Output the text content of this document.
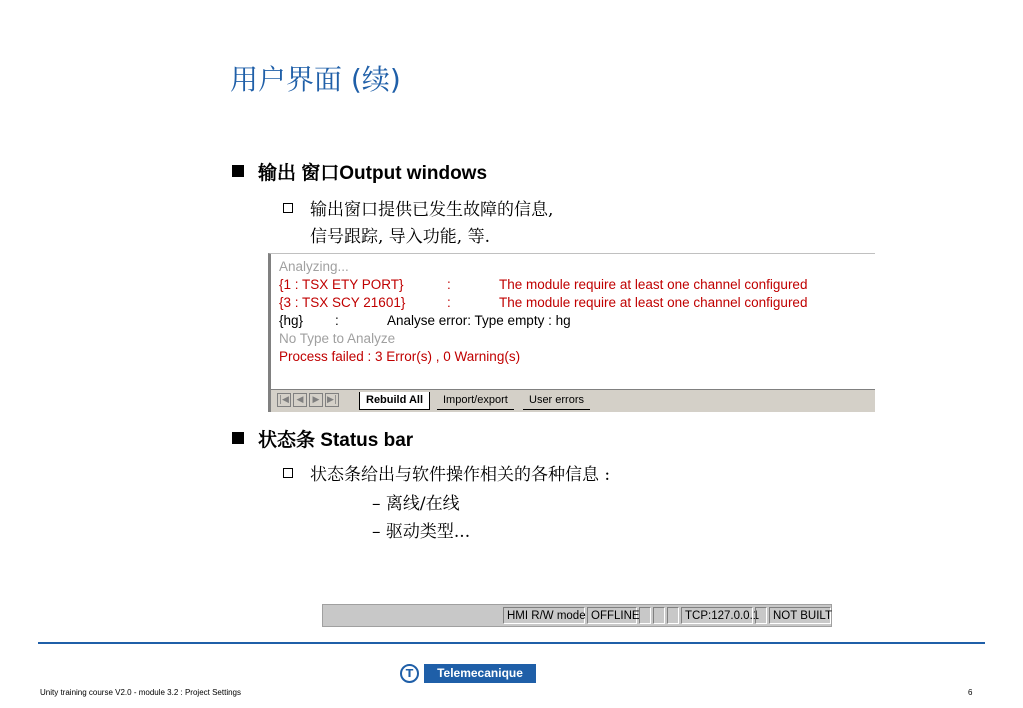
用户界面 (续)
输出 窗口Output windows
输出窗口提供已发生故障的信息,
信号跟踪, 导入功能, 等.
Analyzing...
{1 : TSX ETY PORT}	:	The module require at least one channel configured
{3 : TSX SCY 21601}	:	The module require at least one channel configured
{hg} :	Analyse error: Type empty : hg
No Type to Analyze
Process failed : 3 Error(s) , 0 Warning(s)
|◀ ◀	▶ ▶|	Rebuild All	Import/export	User errors
状态条 Status bar
状态条给出与软件操作相关的各种信息 :
– 离线/在线
– 驱动类型...
HMI R/W mode OFFLINE	TCP:127.0.0.1	NOT BUILT
T	Telemecanique
Unity training course V2.0 - module 3.2 : Project Settings	6
